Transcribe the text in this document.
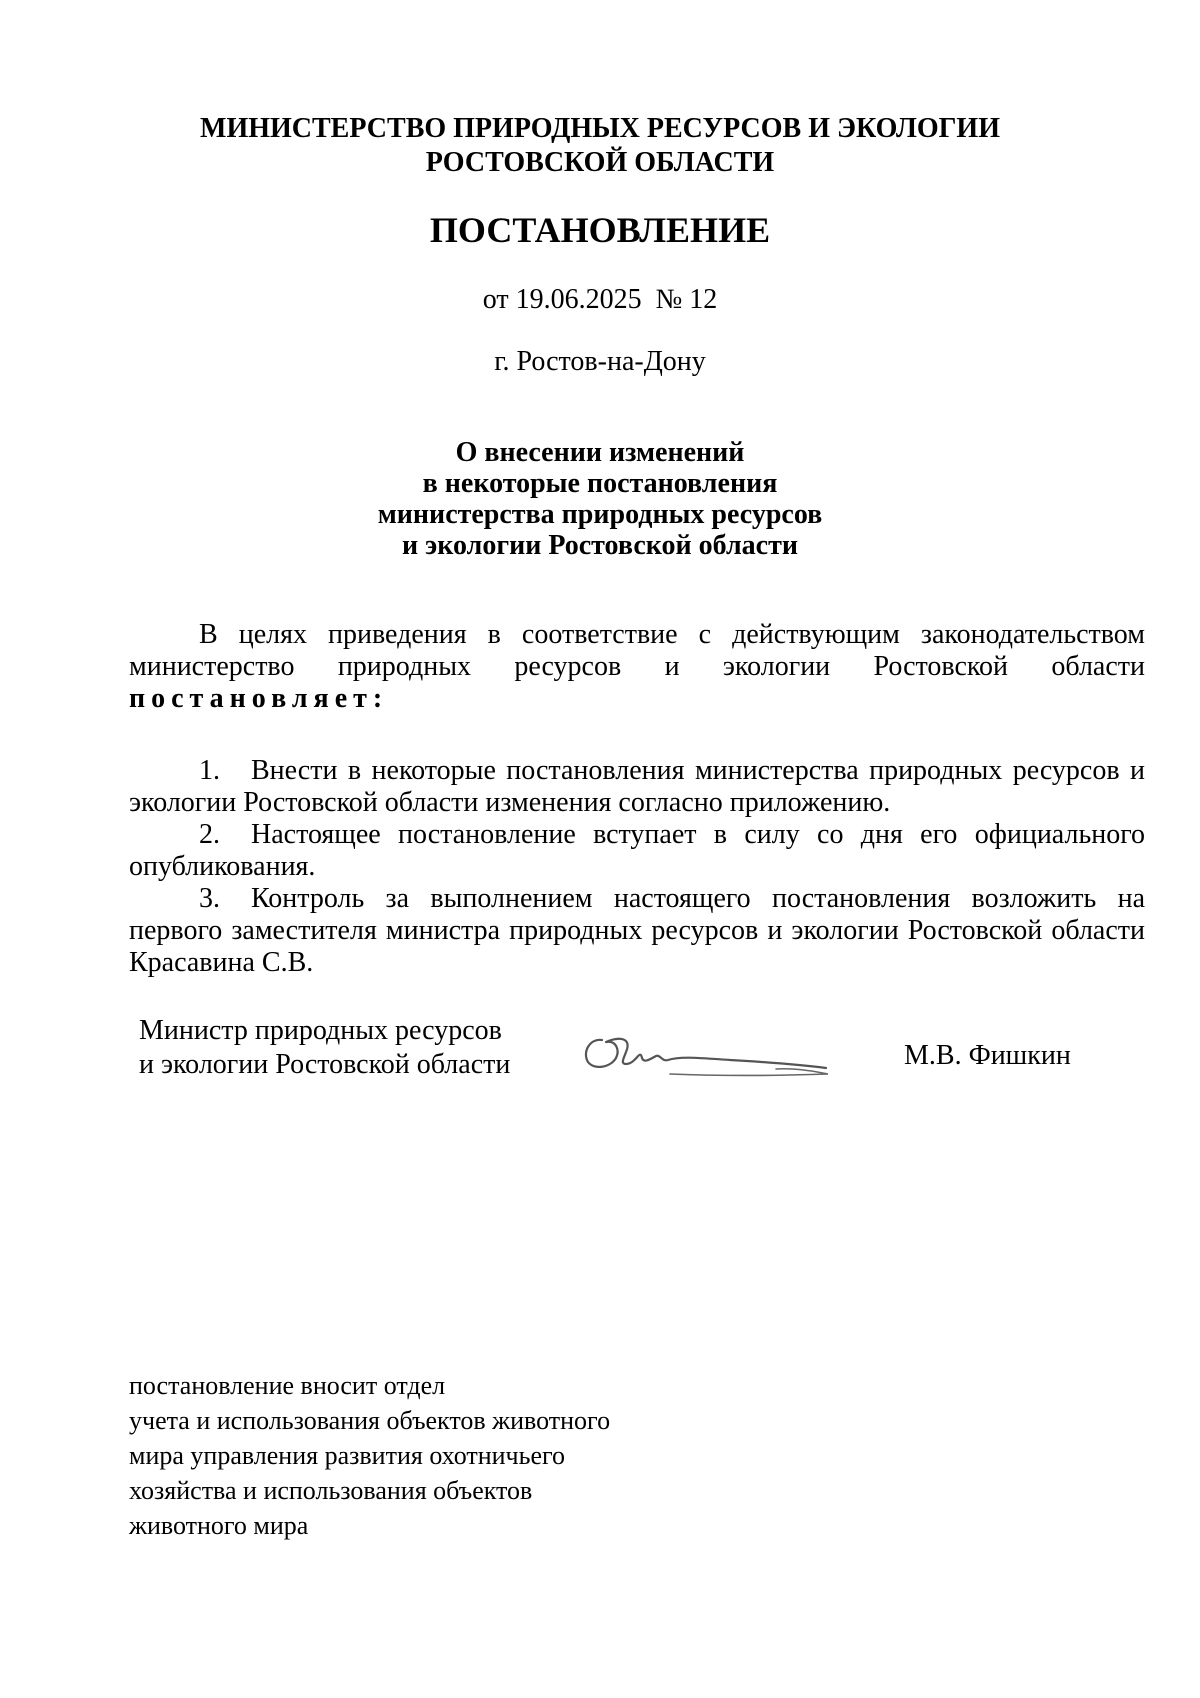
МИНИСТЕРСТВО ПРИРОДНЫХ РЕСУРСОВ И ЭКОЛОГИИ
РОСТОВСКОЙ ОБЛАСТИ
ПОСТАНОВЛЕНИЕ
от 19.06.2025 № 12
г. Ростов-на-Дону
О внесении изменений
в некоторые постановления
министерства природных ресурсов
и экологии Ростовской области

В целях приведения в соответствие с действующим законодательством министерство природных ресурсов и экологии Ростовской области постановляет:

1. Внести в некоторые постановления министерства природных ресурсов и экологии Ростовской области изменения согласно приложению.

2. Настоящее постановление вступает в силу со дня его официального опубликования.

3. Контроль за выполнением настоящего постановления возложить на первого заместителя министра природных ресурсов и экологии Ростовской области Красавина С.В.

Министр природных ресурсов
и экологии Ростовской области	М.В. Фишкин
постановление вносит отдел
учета и использования объектов животного
мира управления развития охотничьего
хозяйства и использования объектов
животного мира
